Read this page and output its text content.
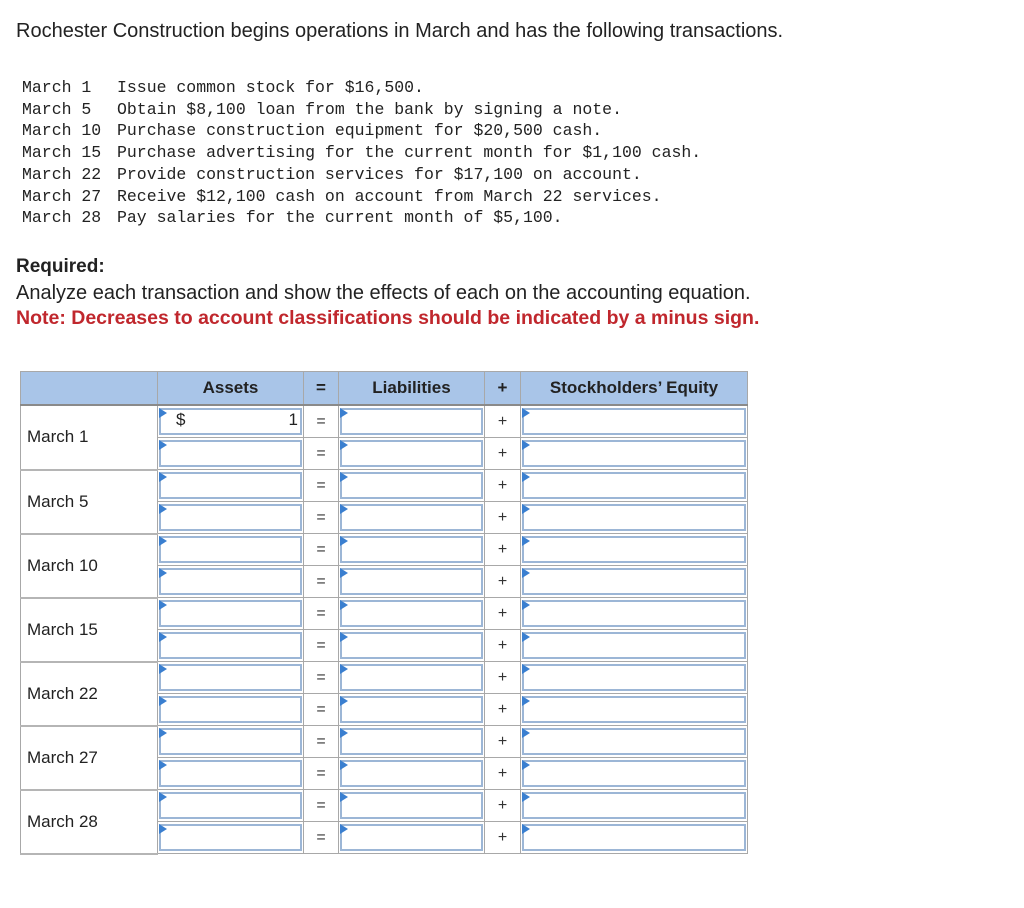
Rochester Construction begins operations in March and has the following transactions.

March 1 Issue common stock for $16,500.
March 5 Obtain $8,100 loan from the bank by signing a note.
March 10 Purchase construction equipment for $20,500 cash.
March 15 Purchase advertising for the current month for $1,100 cash.
March 22 Provide construction services for $17,100 on account.
March 27 Receive $12,100 cash on account from March 22 services.
March 28 Pay salaries for the current month of $5,100.

Required:

Analyze each transaction and show the effects of each on the accounting equation.

Note: Decreases to account classifications should be indicated by a minus sign.

	Assets	=	Liabilities	+	Stockholders’ Equity
March 1	$ 1	=		+	

		=		+	

March 5		=		+	

		=		+	

March 10		=		+	

		=		+	

March 15		=		+	

		=		+	

March 22		=		+	

		=		+	

March 27		=		+	

		=		+	

March 28		=		+	

		=		+	
